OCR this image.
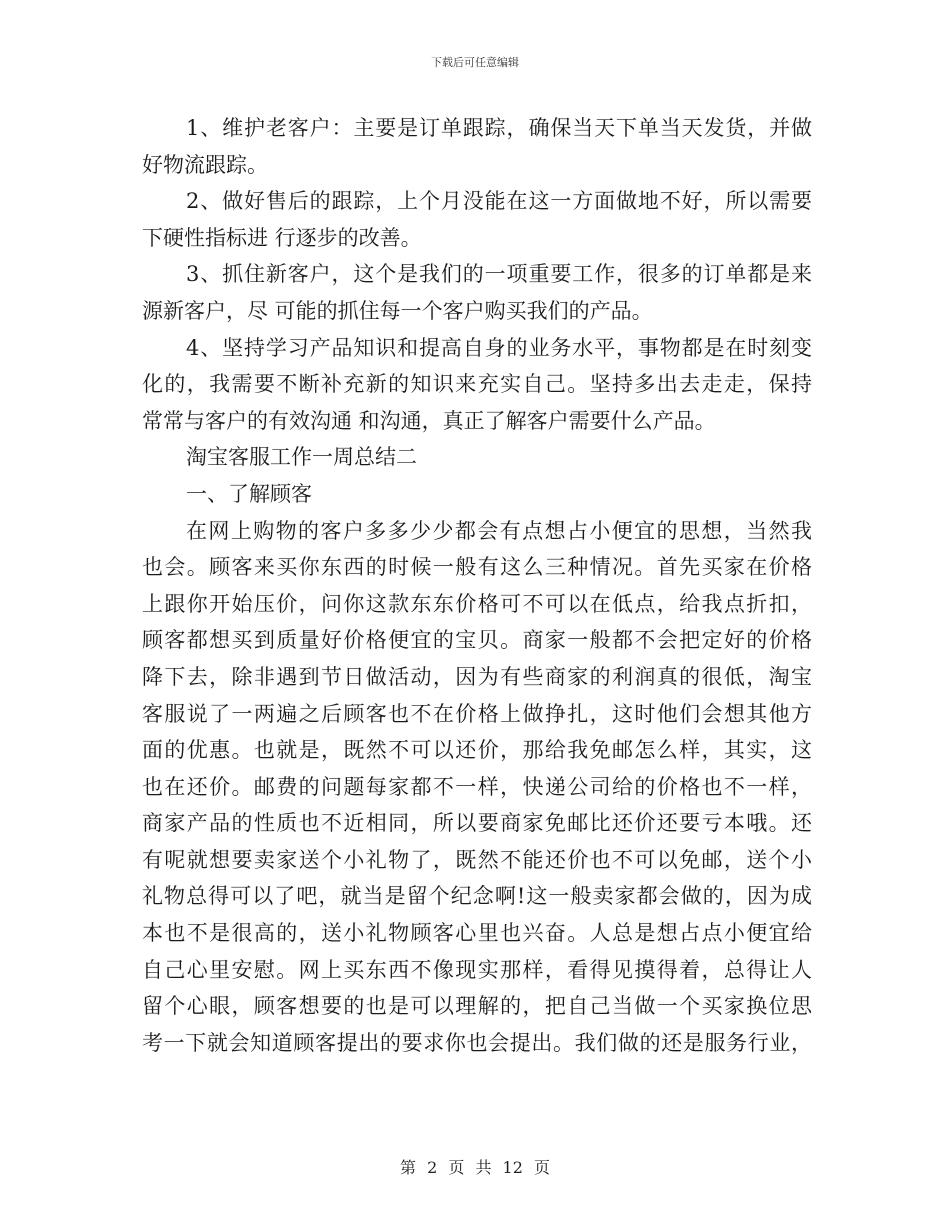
下载后可任意编辑
1、维护老客户：主要是订单跟踪，确保当天下单当天发货，并做
好物流跟踪。
2、做好售后的跟踪，上个月没能在这一方面做地不好，所以需要
下硬性指标进 行逐步的改善。
3、抓住新客户，这个是我们的一项重要工作，很多的订单都是来
源新客户，尽 可能的抓住每一个客户购买我们的产品。
4、坚持学习产品知识和提高自身的业务水平，事物都是在时刻变
化的，我需要不断补充新的知识来充实自己。坚持多出去走走，保持
常常与客户的有效沟通 和沟通，真正了解客户需要什么产品。
淘宝客服工作一周总结二
一、了解顾客
在网上购物的客户多多少少都会有点想占小便宜的思想，当然我
也会。顾客来买你东西的时候一般有这么三种情况。首先买家在价格
上跟你开始压价，问你这款东东价格可不可以在低点，给我点折扣，
顾客都想买到质量好价格便宜的宝贝。商家一般都不会把定好的价格
降下去，除非遇到节日做活动，因为有些商家的利润真的很低，淘宝
客服说了一两遍之后顾客也不在价格上做挣扎，这时他们会想其他方
面的优惠。也就是，既然不可以还价，那给我免邮怎么样，其实，这
也在还价。邮费的问题每家都不一样，快递公司给的价格也不一样，
商家产品的性质也不近相同，所以要商家免邮比还价还要亏本哦。还
有呢就想要卖家送个小礼物了，既然不能还价也不可以免邮，送个小
礼物总得可以了吧，就当是留个纪念啊!这一般卖家都会做的，因为成
本也不是很高的，送小礼物顾客心里也兴奋。人总是想占点小便宜给
自己心里安慰。网上买东西不像现实那样，看得见摸得着，总得让人
留个心眼，顾客想要的也是可以理解的，把自己当做一个买家换位思
考一下就会知道顾客提出的要求你也会提出。我们做的还是服务行业，
第 2 页 共 12 页
